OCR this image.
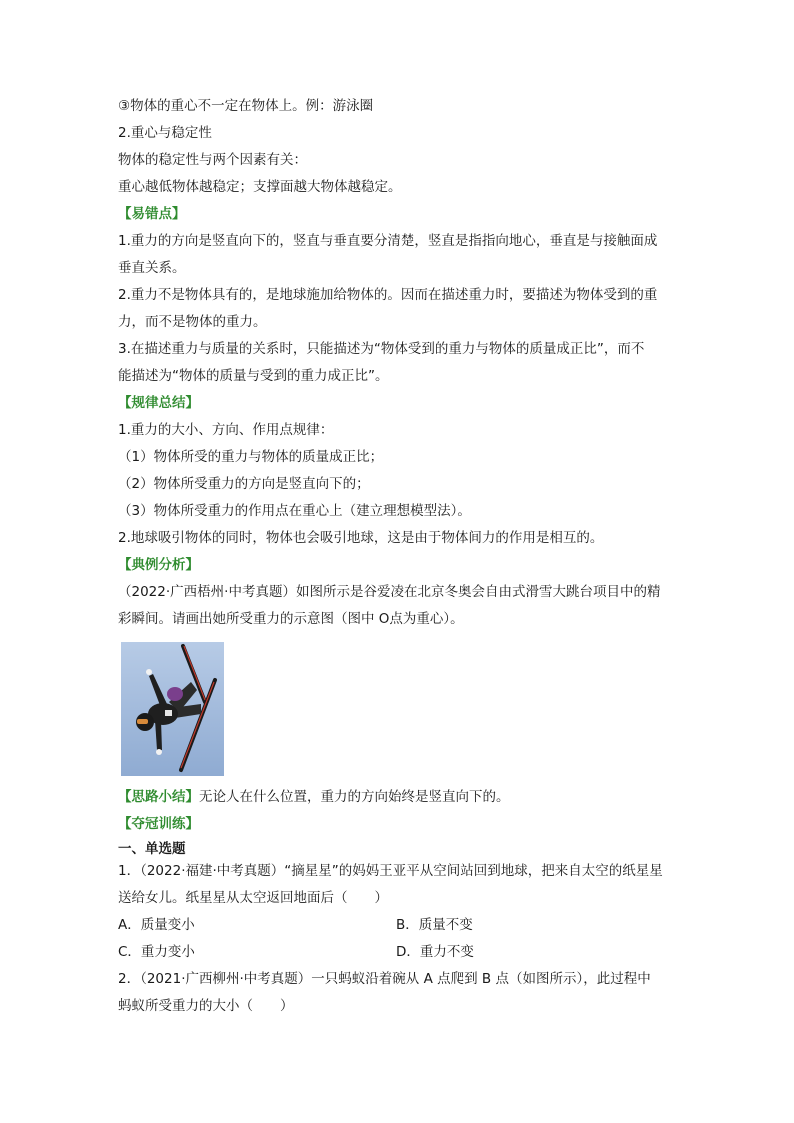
③物体的重心不一定在物体上。例：游泳圈
2.重心与稳定性
物体的稳定性与两个因素有关：
重心越低物体越稳定；支撑面越大物体越稳定。
【易错点】
1.重力的方向是竖直向下的，竖直与垂直要分清楚，竖直是指指向地心，垂直是与接触面成
垂直关系。
2.重力不是物体具有的，是地球施加给物体的。因而在描述重力时，要描述为物体受到的重
力，而不是物体的重力。
3.在描述重力与质量的关系时，只能描述为“物体受到的重力与物体的质量成正比”，而不
能描述为“物体的质量与受到的重力成正比”。
【规律总结】
1.重力的大小、方向、作用点规律：
（1）物体所受的重力与物体的质量成正比；
（2）物体所受重力的方向是竖直向下的；
（3）物体所受重力的作用点在重心上（建立理想模型法）。
2.地球吸引物体的同时，物体也会吸引地球，这是由于物体间力的作用是相互的。
【典例分析】
（2022·广西梧州·中考真题）如图所示是谷爱凌在北京冬奥会自由式滑雪大跳台项目中的精
彩瞬间。请画出她所受重力的示意图（图中 O点为重心）。
【思路小结】无论人在什么位置，重力的方向始终是竖直向下的。
【夺冠训练】
一、单选题
1．（2022·福建·中考真题）“摘星星”的妈妈王亚平从空间站回到地球，把来自太空的纸星星
送给女儿。纸星星从太空返回地面后（　　）
A．质量变小	B．质量不变
C．重力变小	D．重力不变
2．（2021·广西柳州·中考真题）一只蚂蚁沿着碗从 A 点爬到 B 点（如图所示），此过程中
蚂蚁所受重力的大小（　　）
